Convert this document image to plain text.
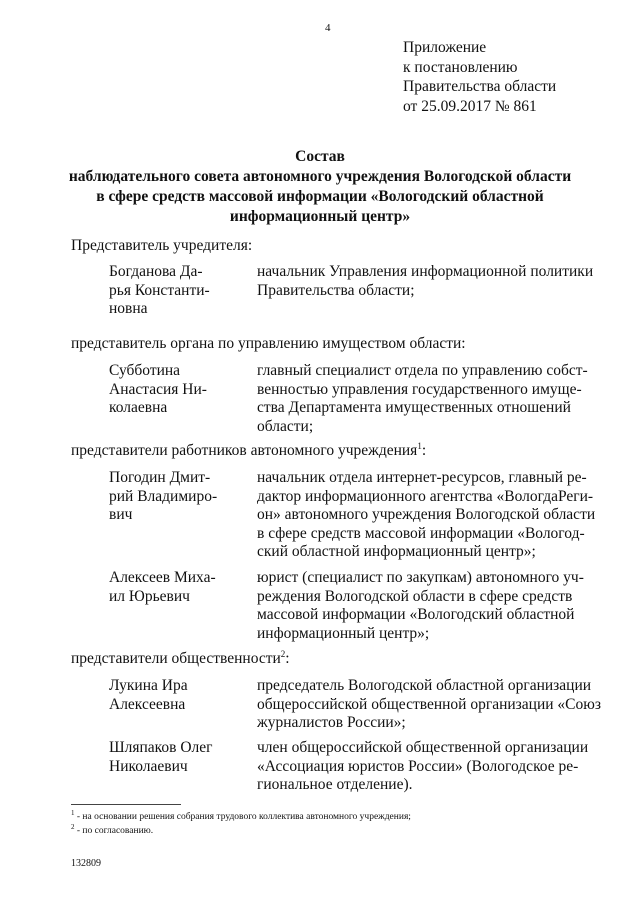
4
Приложение
к постановлению
Правительства области
от 25.09.2017 № 861
Состав
наблюдательного совета автономного учреждения Вологодской области
в сфере средств массовой информации «Вологодский областной
информационный центр»
Представитель учредителя:
Богданова Да-
рья Константи-
новна
начальник Управления информационной политики
Правительства области;
представитель органа по управлению имуществом области:
Субботина
Анастасия Ни-
колаевна
главный специалист отдела по управлению собст-
венностью управления государственного имуще-
ства Департамента имущественных отношений
области;
представители работников автономного учреждения$^1$:
Погодин Дмит-
рий Владимиро-
вич
начальник отдела интернет-ресурсов, главный ре-
дактор информационного агентства «ВологдаРеги-
он» автономного учреждения Вологодской области
в сфере средств массовой информации «Вологод-
ский областной информационный центр»;
Алексеев Миха-
ил Юрьевич
юрист (специалист по закупкам) автономного уч-
реждения Вологодской области в сфере средств
массовой информации «Вологодский областной
информационный центр»;
представители общественности$^2$:
Лукина Ира
Алексеевна
председатель Вологодской областной организации
общероссийской общественной организации «Союз
журналистов России»;
Шляпаков Олег
Николаевич
член общероссийской общественной организации
«Ассоциация юристов России» (Вологодское ре-
гиональное отделение).
$^1$ - на основании решения собрания трудового коллектива автономного учреждения;
$^2$ - по согласованию.
132809
